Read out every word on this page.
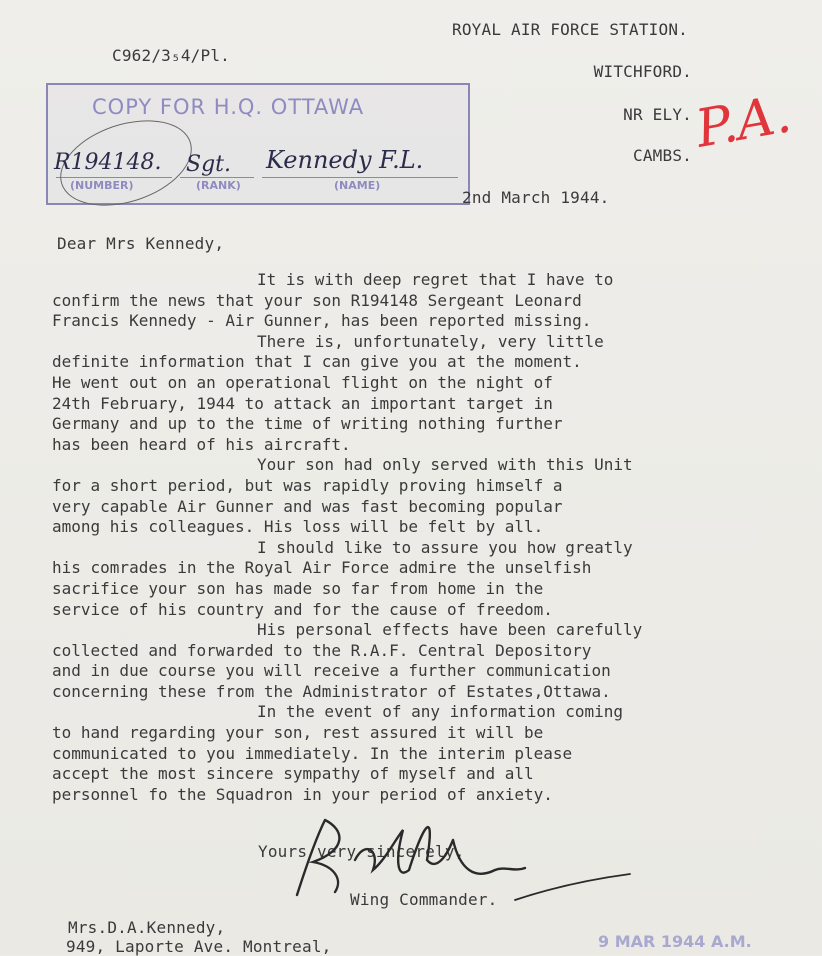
C962/3₅4/Pl.
ROYAL AIR FORCE STATION.
WITCHFORD.
NR ELY.
CAMBS. P.A.
COPY FOR H.Q. OTTAWA
(NUMBER)	(RANK)	(NAME)
R194148. Sgt. Kennedy F.L.
2nd March 1944.
Dear Mrs Kennedy,
It is with deep regret that I have to
confirm the news that your son R194148 Sergeant Leonard
Francis Kennedy - Air Gunner, has been reported missing.
There is, unfortunately, very little
definite information that I can give you at the moment.
He went out on an operational flight on the night of
24th February, 1944 to attack an important target in
Germany and up to the time of writing nothing further
has been heard of his aircraft.
Your son had only served with this Unit
for a short period, but was rapidly proving himself a
very capable Air Gunner and was fast becoming popular
among his colleagues. His loss will be felt by all.
I should like to assure you how greatly
his comrades in the Royal Air Force admire the unselfish
sacrifice your son has made so far from home in the
service of his country and for the cause of freedom.
His personal effects have been carefully
collected and forwarded to the R.A.F. Central Depository
and in due course you will receive a further communication
concerning these from the Administrator of Estates,Ottawa.
In the event of any information coming
to hand regarding your son, rest assured it will be
communicated to you immediately. In the interim please
accept the most sincere sympathy of myself and all
personnel fo the Squadron in your period of anxiety.
Yours very sincerely,
Wing Commander.
Mrs.D.A.Kennedy,
949, Laporte Ave. Montreal,	9 MAR 1944 A.M.
